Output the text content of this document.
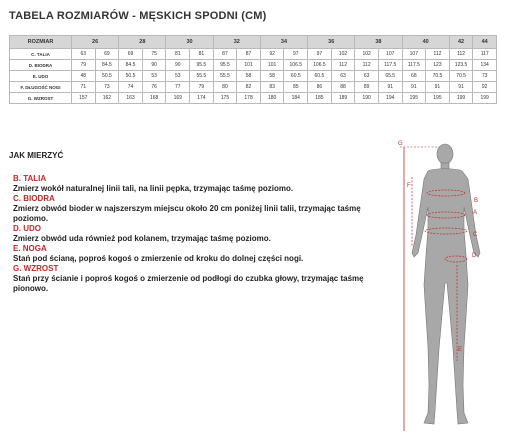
TABELA ROZMIARÓW - MĘSKICH SPODNI (CM)
ROZMIAR	26		28		30		32		34		36		38		40		42	44
C. TALIA	63	69	69	75	81	81	87	87	92	97	97	102	102	107	107	112	112	117
D. BIODRA	79	84.5	84.5	90	90	95.5	95.5	101	101	106.5	106.5	112	112	117.5	117.5	123	123.5	134
E. UDO	48	50.5	50.5	53	53	55.5	55.5	58	58	60.5	60.5	63	63	65.5	68	70.5	70.5	73
F. DŁUGOŚĆ NOGI	71	73	74	76	77	79	80	82	83	85	86	88	89	91	91	91	91	92
G. WZROST	157	162	163	168	169	174	175	178	180	184	185	189	190	194	195	195	199	199
JAK MIERZYĆ
B. TALIA
Zmierz wokół naturalnej linii tali, na linii pępka, trzymając taśmę poziomo.
C. BIODRA
Zmierz obwód bioder w najszerszym miejscu około 20 cm poniżej linii talii, trzymając taśmę poziomo.
D. UDO
Zmierz obwód uda również pod kolanem, trzymając taśmę poziomo.
E. NOGA
Stań pod ścianą, poproś kogoś o zmierzenie od kroku do dolnej części nogi.
G. WZROST
Stań przy ścianie i poproś kogoś o zmierzenie od podłogi do czubka głowy, trzymając taśmę pionowo.
G
F
B
A
C
D
E
